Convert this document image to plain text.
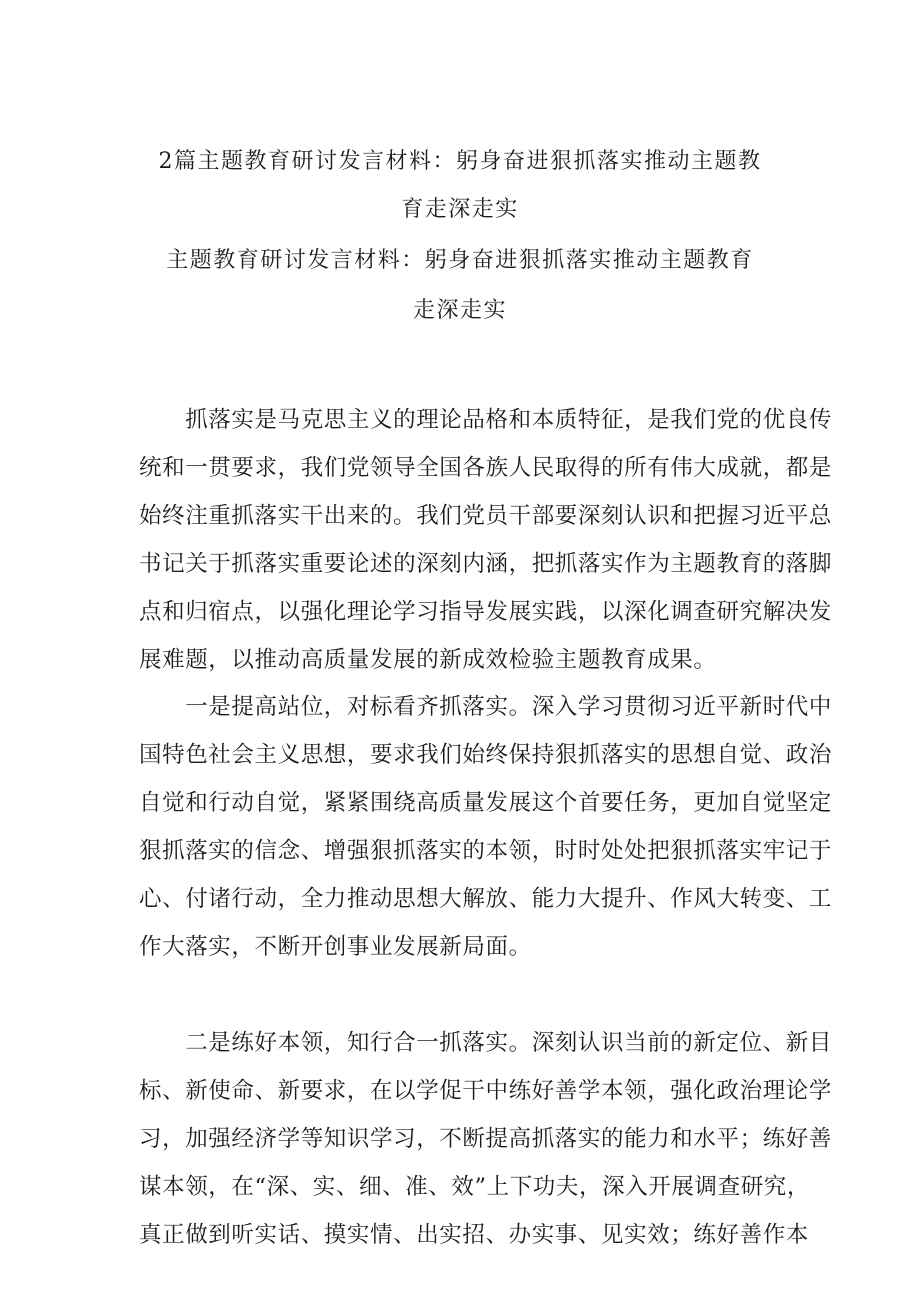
2篇主题教育研讨发言材料：躬身奋进狠抓落实推动主题教
育走深走实
主题教育研讨发言材料：躬身奋进狠抓落实推动主题教育
走深走实
　　抓落实是马克思主义的理论品格和本质特征，是我们党的优良传
统和一贯要求，我们党领导全国各族人民取得的所有伟大成就，都是
始终注重抓落实干出来的。我们党员干部要深刻认识和把握习近平总
书记关于抓落实重要论述的深刻内涵，把抓落实作为主题教育的落脚
点和归宿点，以强化理论学习指导发展实践，以深化调查研究解决发
展难题，以推动高质量发展的新成效检验主题教育成果。
　　一是提高站位，对标看齐抓落实。深入学习贯彻习近平新时代中
国特色社会主义思想，要求我们始终保持狠抓落实的思想自觉、政治
自觉和行动自觉，紧紧围绕高质量发展这个首要任务，更加自觉坚定
狠抓落实的信念、增强狠抓落实的本领，时时处处把狠抓落实牢记于
心、付诸行动，全力推动思想大解放、能力大提升、作风大转变、工
作大落实，不断开创事业发展新局面。
　　二是练好本领，知行合一抓落实。深刻认识当前的新定位、新目
标、新使命、新要求，在以学促干中练好善学本领，强化政治理论学
习，加强经济学等知识学习，不断提高抓落实的能力和水平；练好善
谋本领，在“深、实、细、准、效”上下功夫，深入开展调查研究，
真正做到听实话、摸实情、出实招、办实事、见实效；练好善作本
